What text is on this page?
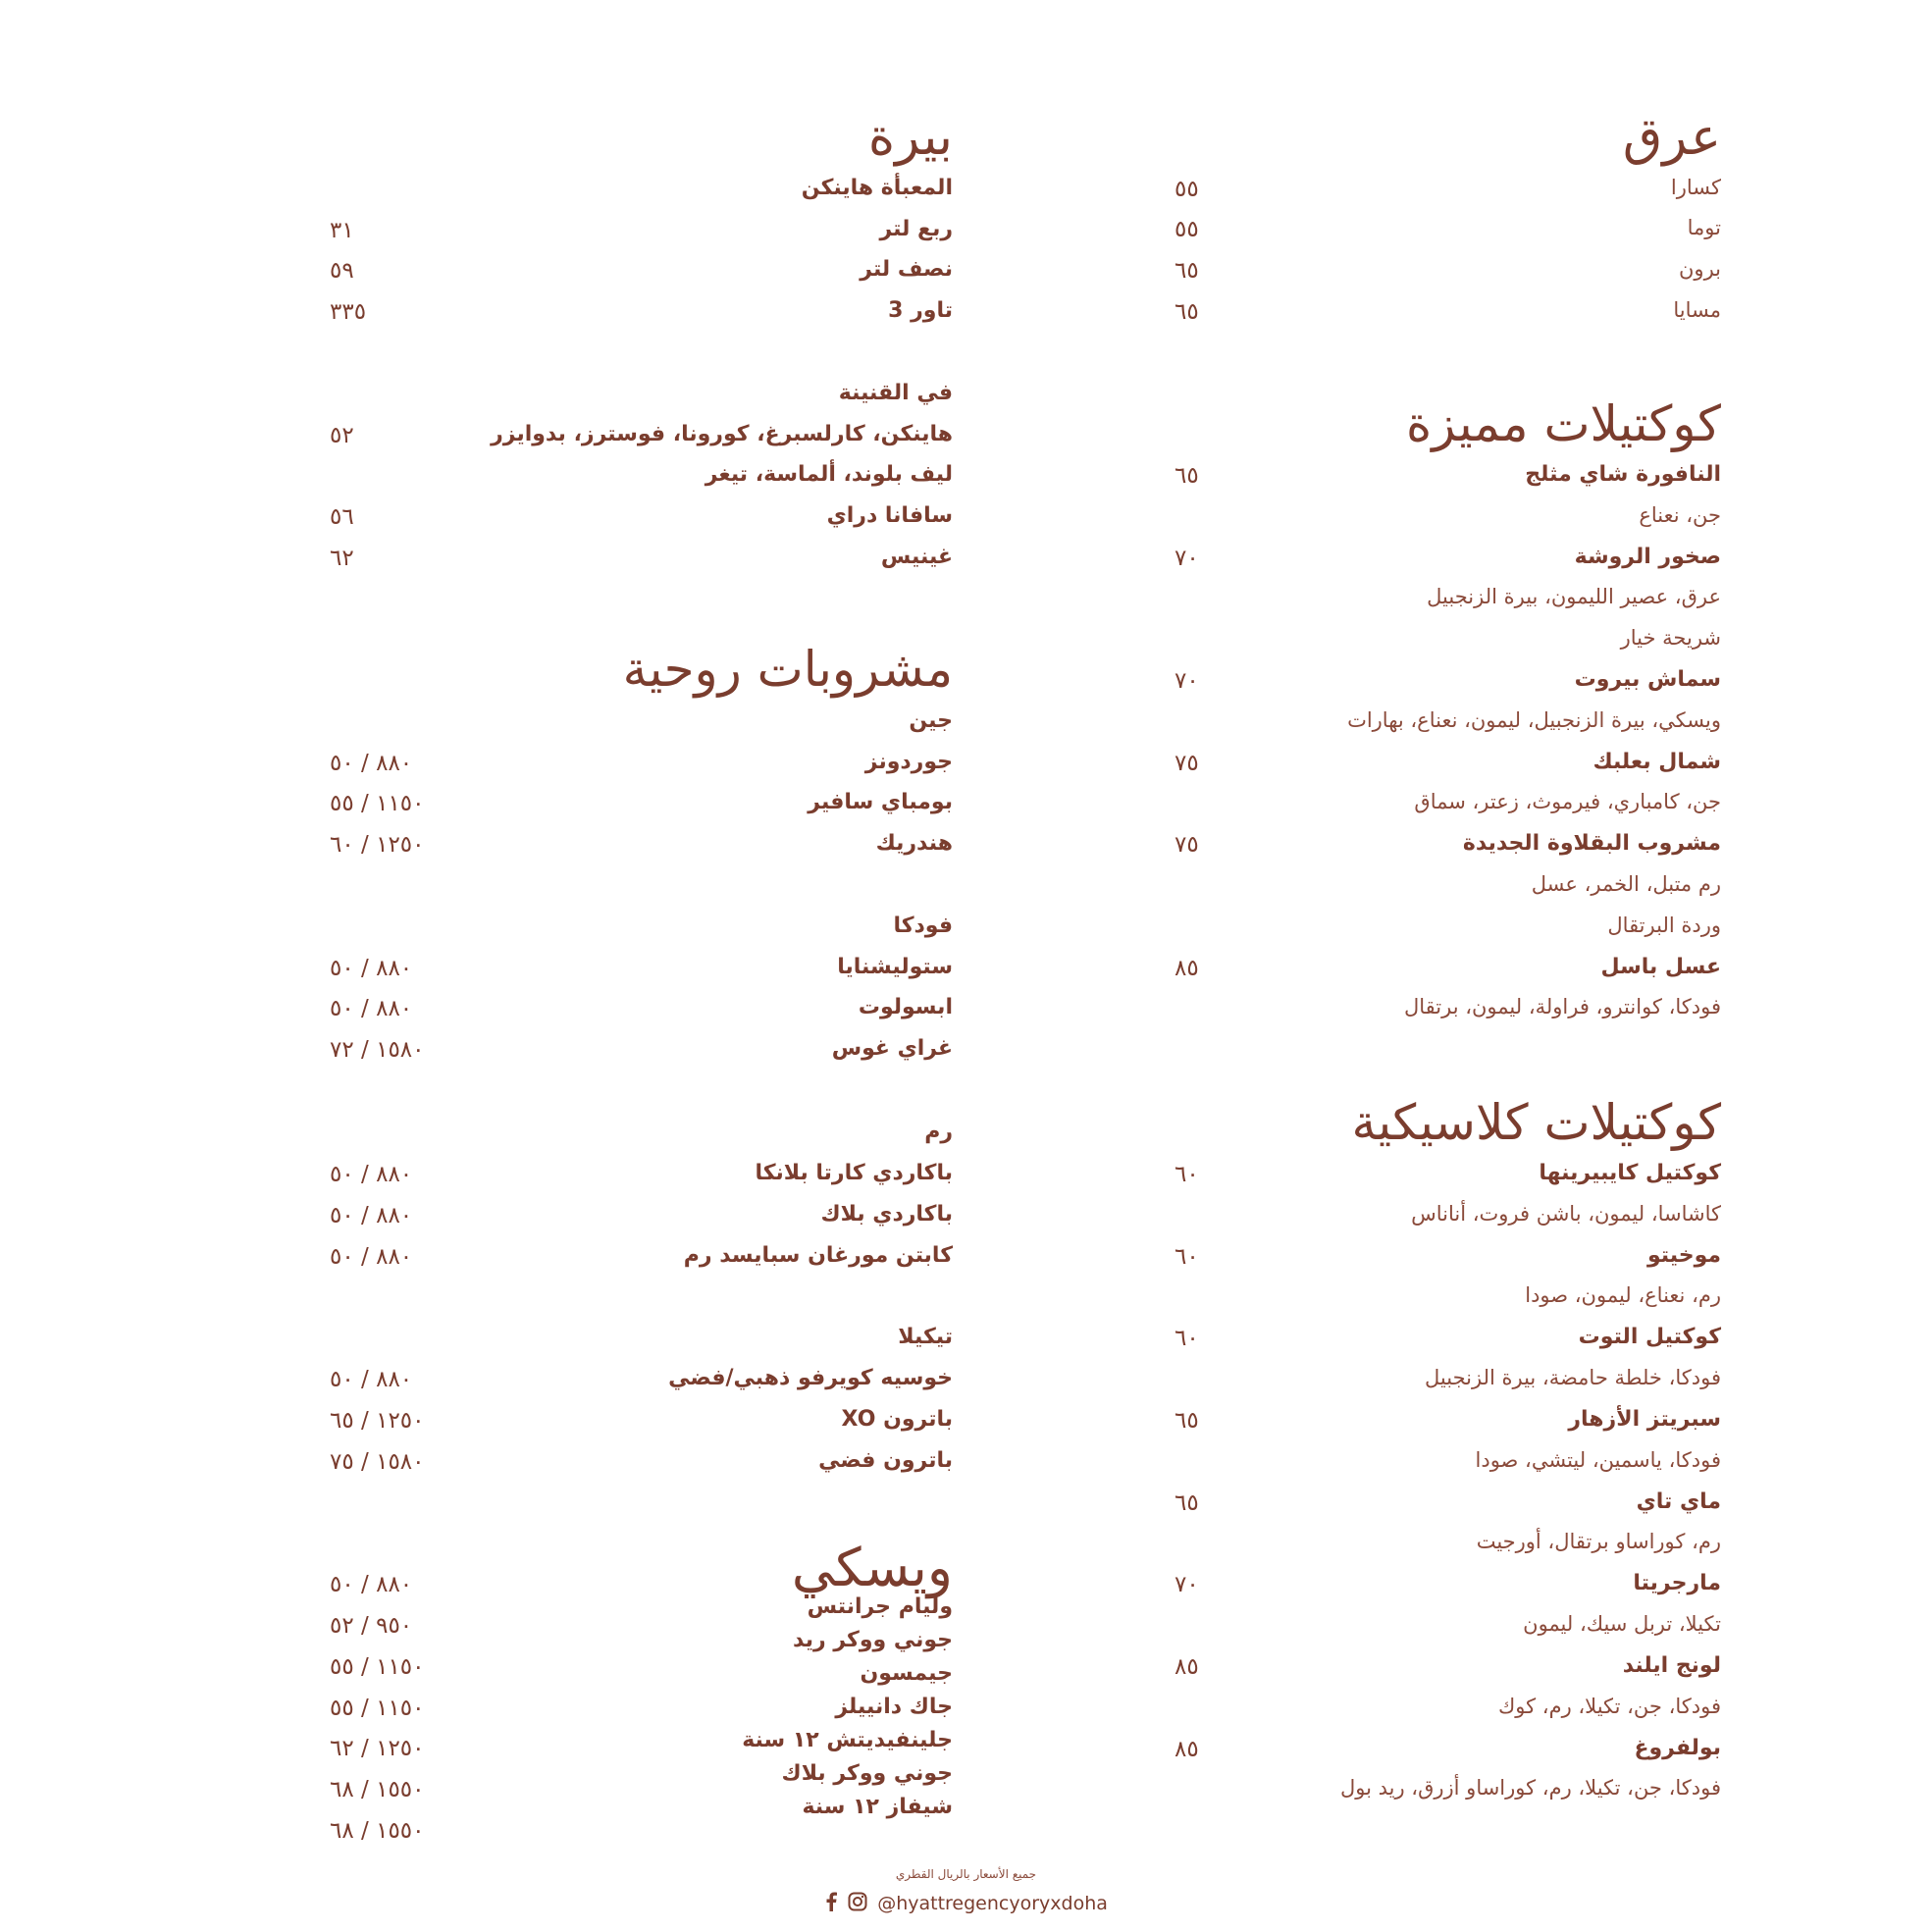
عرق
كسارا
توما
برون
مسايا
٥٥
٥٥
٦٥
٦٥
كوكتيلات مميزة
النافورة شاي مثلج
جن، نعناع
صخور الروشة
عرق، عصير الليمون، بيرة الزنجبيل
شريحة خيار
سماش بيروت
ويسكي، بيرة الزنجبيل، ليمون، نعناع، بهارات
شمال بعلبك
جن، كامباري، فيرموث، زعتر، سماق
مشروب البقلاوة الجديدة
رم متبل، الخمر، عسل
وردة البرتقال
عسل باسل
فودكا، كوانترو، فراولة، ليمون، برتقال
٦٥
٧٠
٧٠
٧٥
٧٥
٨٥
كوكتيلات كلاسيكية
كوكتيل كايبيرينها
كاشاسا، ليمون، باشن فروت، أناناس
موخيتو
رم، نعناع، ليمون، صودا
كوكتيل التوت
فودكا، خلطة حامضة، بيرة الزنجبيل
سبريتز الأزهار
فودكا، ياسمين، ليتشي، صودا
ماي تاي
رم، كوراساو برتقال، أورجيت
مارجريتا
تكيلا، تربل سيك، ليمون
لونج ايلند
فودكا، جن، تكيلا، رم، كوك
بولفروغ
فودكا، جن، تكيلا، رم، كوراساو أزرق، ريد بول
٦٠
٦٠
٦٠
٦٥
٦٥
٧٠
٨٥
٨٥
بيرة
المعبأة هاينكن
ربع لتر
نصف لتر
تاور 3
في القنينة
هاينكن، كارلسبرغ، كورونا، فوسترز، بدوايزر
ليف بلوند، ألماسة، تيغر
سافانا دراي
غينيس
٣١
٥٩
٣٣٥
٥٢
٥٦
٦٢
مشروبات روحية
جين
جوردونز
بومباي سافير
هندريك
فودكا
ستوليشنايا
ابسولوت
غراي غوس
رم
باكاردي كارتا بلانكا
باكاردي بلاك
كابتن مورغان سبايسد رم
تيكيلا
خوسيه كويرفو ذهبي/فضي
باترون XO
باترون فضي
٨٨٠ / ٥٠
١١٥٠ / ٥٥
١٢٥٠ / ٦٠
٨٨٠ / ٥٠
٨٨٠ / ٥٠
١٥٨٠ / ٧٢
٨٨٠ / ٥٠
٨٨٠ / ٥٠
٨٨٠ / ٥٠
٨٨٠ / ٥٠
١٢٥٠ / ٦٥
١٥٨٠ / ٧٥
ويسكي
وليام جرانتس
جوني ووكر ريد
جيمسون
جاك دانييلز
جلينفيديتش ١٢ سنة
جوني ووكر بلاك
شيفاز ١٢ سنة
٨٨٠ / ٥٠
٩٥٠ / ٥٢
١١٥٠ / ٥٥
١١٥٠ / ٥٥
١٢٥٠ / ٦٢
١٥٥٠ / ٦٨
١٥٥٠ / ٦٨
جميع الأسعار بالريال القطري
@hyattregencyoryxdoha
